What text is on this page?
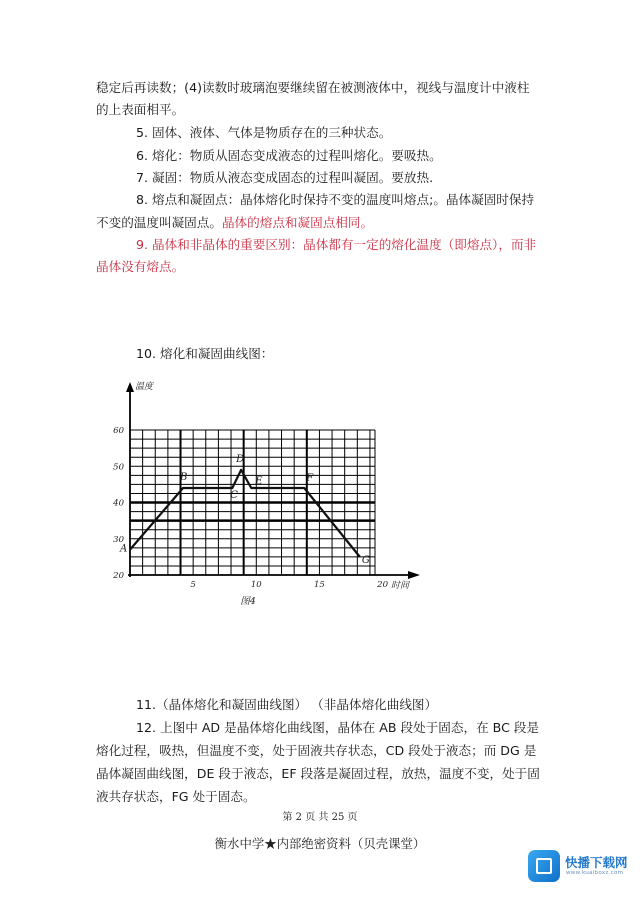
稳定后再读数；(4)读数时玻璃泡要继续留在被测液体中，视线与温度计中液柱
的上表面相平。
5. 固体、液体、气体是物质存在的三种状态。
6. 熔化：物质从固态变成液态的过程叫熔化。要吸热。
7. 凝固：物质从液态变成固态的过程叫凝固。要放热.
8. 熔点和凝固点：晶体熔化时保持不变的温度叫熔点;。晶体凝固时保持
不变的温度叫凝固点。晶体的熔点和凝固点相同。
9. 晶体和非晶体的重要区别：晶体都有一定的熔化温度（即熔点），而非
晶体没有熔点。
10. 熔化和凝固曲线图：
11.（晶体熔化和凝固曲线图） （非晶体熔化曲线图）
12. 上图中 AD 是晶体熔化曲线图，晶体在 AB 段处于固态，在 BC 段是
熔化过程，吸热，但温度不变，处于固液共存状态，CD 段处于液态；而 DG 是
晶体凝固曲线图，DE 段于液态，EF 段落是凝固过程，放热，温度不变，处于固
液共存状态，FG 处于固态。
20
30
40
50
60
5	10	15	20
A
B
C
D
E	F
G
温度
时间
图4
第 2 页 共 25 页
衡水中学★内部绝密资料（贝壳课堂）
快播下载网
www.kuaiboxz.com
